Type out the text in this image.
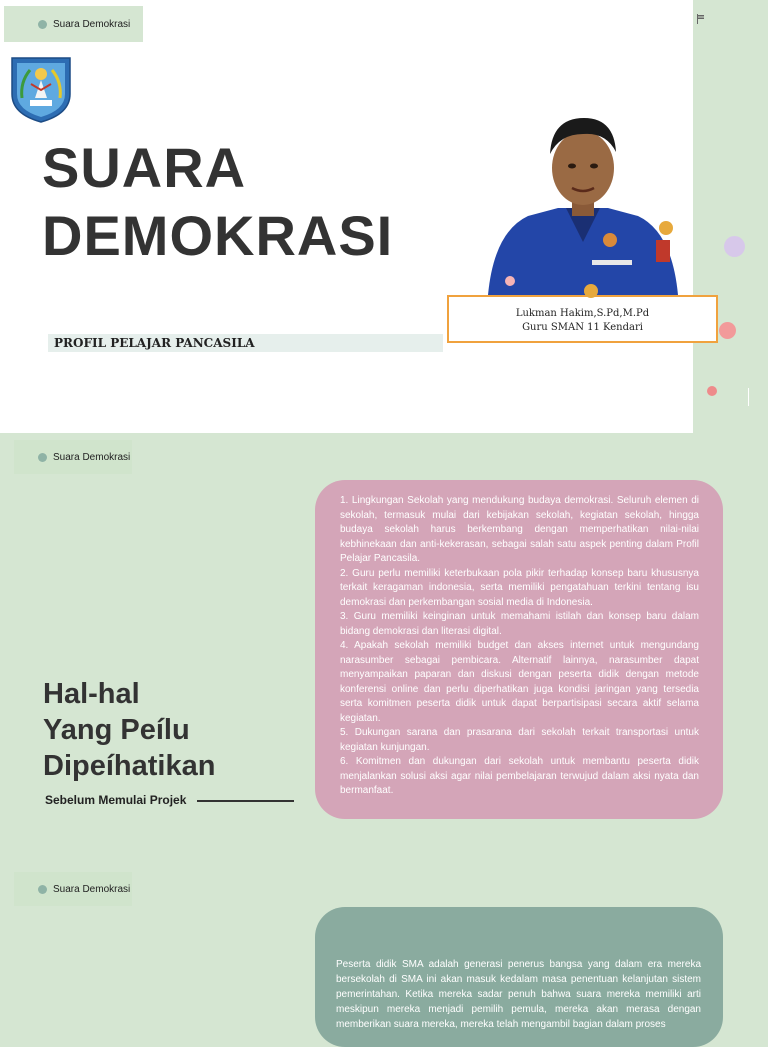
Suara Demokrasi
SUARA
DEMOKRASI
PROFIL PELAJAR PANCASILA
Lukman Hakim,S.Pd,M.Pd
Guru SMAN 11 Kendari
Suara Demokrasi
Hal-hal
Yang Peílu
Dipeíhatikan
Sebelum Memulai Projek

1. Lingkungan Sekolah yang mendukung budaya demokrasi. Seluruh elemen di sekolah, termasuk mulai dari kebijakan sekolah, kegiatan sekolah, hingga budaya sekolah harus berkembang dengan memperhatikan nilai-nilai kebhinekaan dan anti-kekerasan, sebagai salah satu aspek penting dalam Profil Pelajar Pancasila.

2. Guru perlu memiliki keterbukaan pola pikir terhadap konsep baru khususnya terkait keragaman indonesia, serta memiliki pengatahuan terkini tentang isu demokrasi dan perkembangan sosial media di Indonesia.

3. Guru memiliki keinginan untuk memahami istilah dan konsep baru dalam bidang demokrasi dan literasi digital.

4. Apakah sekolah memiliki budget dan akses internet untuk mengundang narasumber sebagai pembicara. Alternatif lainnya, narasumber dapat menyampaikan paparan dan diskusi dengan peserta didik dengan metode konferensi online dan perlu diperhatikan juga kondisi jaringan yang tersedia serta komitmen peserta didik untuk dapat berpartisipasi secara aktif selama kegiatan.

5. Dukungan sarana dan prasarana dari sekolah terkait transportasi untuk kegiatan kunjungan.

6. Komitmen dan dukungan dari sekolah untuk membantu peserta didik menjalankan solusi aksi agar nilai pembelajaran terwujud dalam aksi nyata dan bermanfaat.

Suara Demokrasi
Peserta didik SMA adalah generasi penerus bangsa yang dalam era mereka bersekolah di SMA ini akan masuk kedalam masa penentuan kelanjutan sistem pemerintahan. Ketika mereka sadar penuh bahwa suara mereka memiliki arti meskipun mereka menjadi pemilih pemula, mereka akan merasa dengan memberikan suara mereka, mereka telah mengambil bagian dalam proses
